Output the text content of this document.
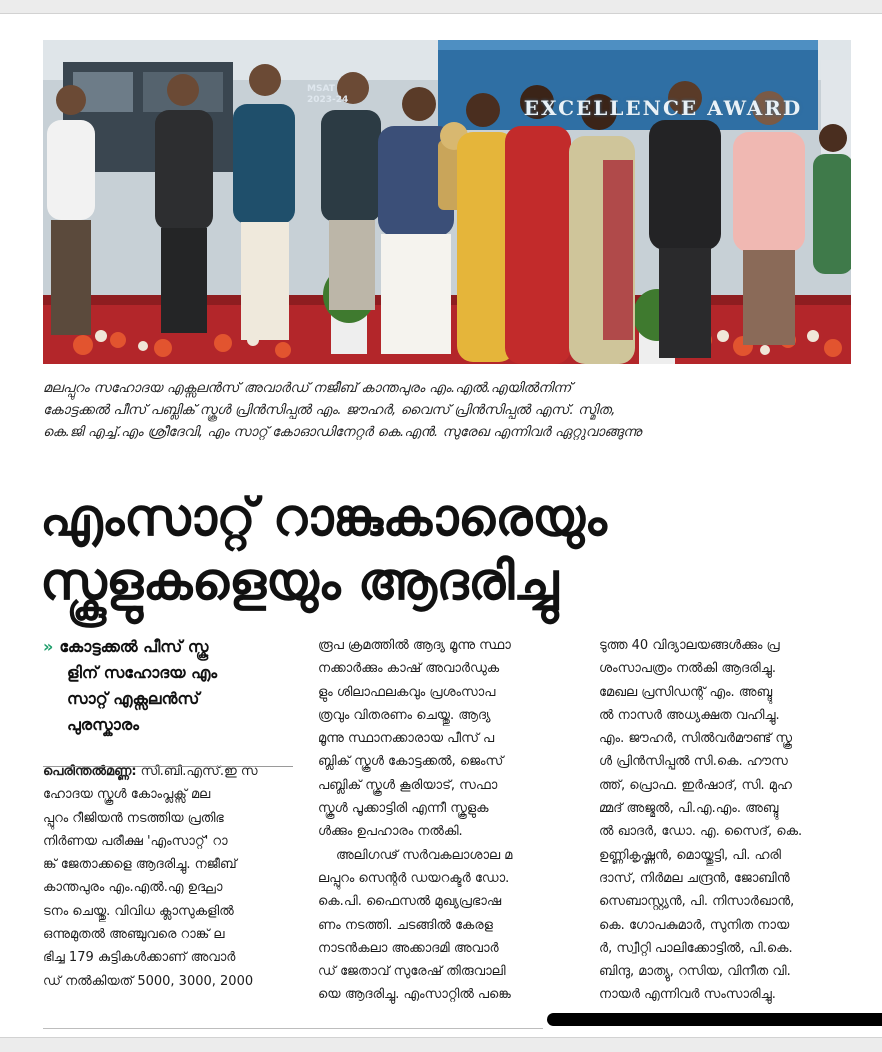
MSAT
2023-24	EXCELLENCE AWARD
മലപ്പുറം സഹോദയ എക്സലൻസ് അവാർഡ് നജീബ് കാന്തപുരം എം.എൽ.എയിൽനിന്ന്
കോട്ടക്കൽ പീസ് പബ്ലിക് സ്കൂൾ പ്രിൻസിപ്പൽ എം. ജൗഹർ, വൈസ് പ്രിൻസിപ്പൽ എസ്. സ്മിത,
കെ.ജി എച്ച്.എം ശ്രീദേവി, എം സാറ്റ് കോഓഡിനേറ്റർ കെ.എൻ. സുരേഖ എന്നിവർ ഏറ്റുവാങ്ങുന്നു
എംസാറ്റ് റാങ്കുകാരെയും
സ്കൂളുകളെയും ആദരിച്ചു
» കോട്ടക്കൽ പീസ് സ്കൂ
ളിന് സഹോദയ എം
സാറ്റ് എക്സലൻസ്
പുരസ്കാരം
പെരിന്തൽമണ്ണ: സി.ബി.എസ്.ഇ സ
ഹോദയ സ്കൂൾ കോംപ്ലക്സ് മല
പ്പുറം റീജിയൻ നടത്തിയ പ്രതിഭ
നിർണയ പരീക്ഷ 'എംസാറ്റ്' റാ
ങ്ക് ജേതാക്കളെ ആദരിച്ചു. നജീബ്
കാന്തപുരം എം.എൽ.എ ഉദ്ഘാ
ടനം ചെയ്തു. വിവിധ ക്ലാസുകളിൽ
ഒന്നുമുതൽ അഞ്ചുവരെ റാങ്ക് ല
ഭിച്ച 179 കുട്ടികൾക്കാണ് അവാർ
ഡ് നൽകിയത് 5000, 3000, 2000
രൂപ ക്രമത്തിൽ ആദ്യ മൂന്നു സ്ഥാ
നക്കാർക്കും കാഷ് അവാർഡുക
ളും ശിലാഫലകവും പ്രശംസാപ
ത്രവും വിതരണം ചെയ്തു. ആദ്യ
മൂന്നു സ്ഥാനക്കാരായ പീസ് പ
ബ്ലിക് സ്കൂൾ കോട്ടക്കൽ, ജെംസ്
പബ്ലിക് സ്കൂൾ കൂരിയാട്, സഫാ
സ്കൂൾ പൂക്കാട്ടിരി എന്നീ സ്കൂളുക
ൾക്കും ഉപഹാരം നൽകി.
അലിഗഢ് സർവകലാശാല മ
ലപ്പുറം സെന്റർ ഡയറക്ടർ ഡോ.
കെ.പി. ഫൈസൽ മുഖ്യപ്രഭാഷ
ണം നടത്തി. ചടങ്ങിൽ കേരള
നാടൻകലാ അക്കാദമി അവാർ
ഡ് ജേതാവ് സുരേഷ് തിരുവാലി
യെ ആദരിച്ചു. എംസാറ്റിൽ പങ്കെ
ടുത്ത 40 വിദ്യാലയങ്ങൾക്കും പ്ര
ശംസാപത്രം നൽകി ആദരിച്ചു.
മേഖല പ്രസിഡന്റ് എം. അബ്ദു
ൽ നാസർ അധ്യക്ഷത വഹിച്ചു.
എം. ജൗഹർ, സിൽവർമൗണ്ട് സ്കൂ
ൾ പ്രിൻസിപ്പൽ സി.കെ. ഹൗസ
ത്ത്, പ്രൊഫ. ഇർഷാദ്, സി. മുഹ
മ്മദ് അജ്മൽ, പി.എ.എം. അബ്ദു
ൽ ഖാദർ, ഡോ. എ. സൈദ്, കെ.
ഉണ്ണികൃഷ്ണൻ, മൊയ്തുട്ടി, പി. ഹരി
ദാസ്, നിർമല ചന്ദ്രൻ, ജോബിൻ
സെബാസ്റ്റ്യൻ, പി. നിസാർഖാൻ,
കെ. ഗോപകുമാർ, സുനിത നായ
ർ, സ്വീറ്റി പാലിക്കോട്ടിൽ, പി.കെ.
ബിന്ദു, മാത്യു, റസിയ, വിനീത വി.
നായർ എന്നിവർ സംസാരിച്ചു.
